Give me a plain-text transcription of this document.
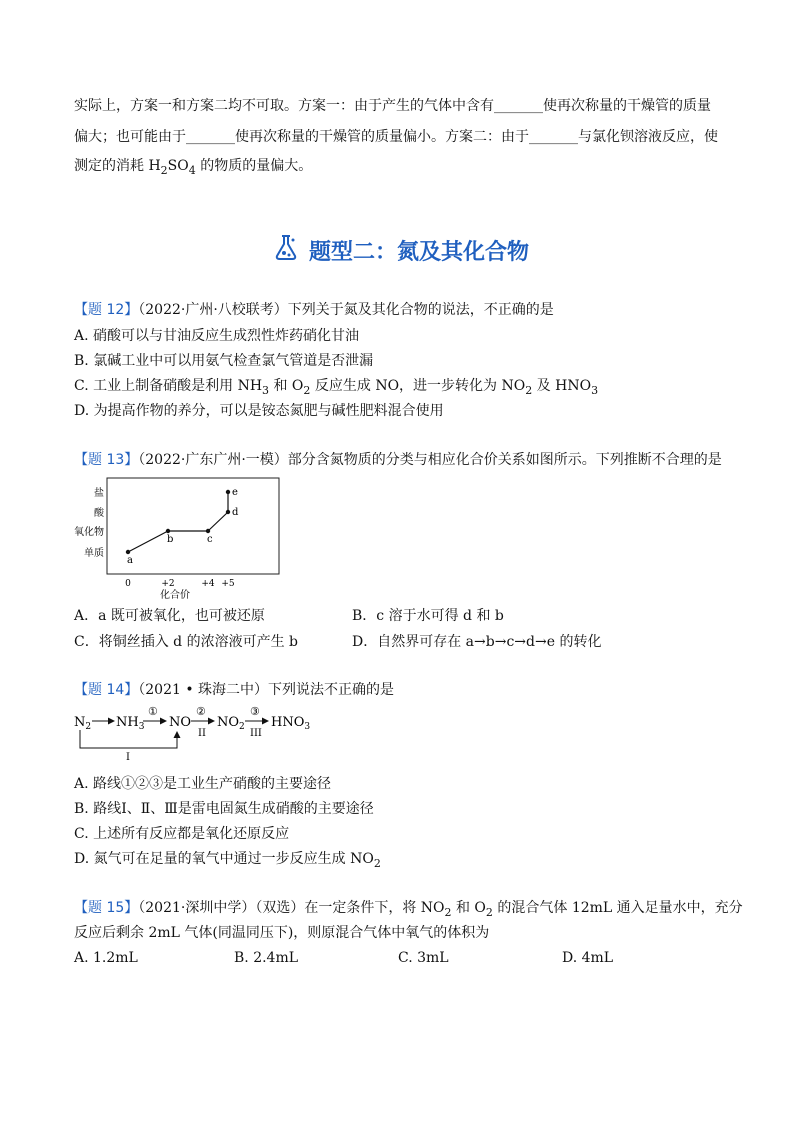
实际上，方案一和方案二均不可取。方案一：由于产生的气体中含有_______使再次称量的干燥管的质量
偏大；也可能由于_______使再次称量的干燥管的质量偏小。方案二：由于_______与氯化钡溶液反应，使
测定的消耗 $H_2SO_4$ 的物质的量偏大。
题型二：氮及其化合物
【题 12】（2022·广州·八校联考）下列关于氮及其化合物的说法，不正确的是
A. 硝酸可以与甘油反应生成烈性炸药硝化甘油
B. 氯碱工业中可以用氨气检查氯气管道是否泄漏
C. 工业上制备硝酸是利用 $NH_3$ 和 $O_2$ 反应生成 NO，进一步转化为 $NO_2$ 及 $HNO_3$
D. 为提高作物的养分，可以是铵态氮肥与碱性肥料混合使用
【题 13】（2022·广东广州·一模）部分含氮物质的分类与相应化合价关系如图所示。下列推断不合理的是
单质
氧化物
酸
盐
0	+2	+4 +5
a
b	c
d
e
化合价
A．a 既可被氧化，也可被还原	B．c 溶于水可得 d 和 b
C．将铜丝插入 d 的浓溶液可产生 b	D．自然界可存在 a→b→c→d→e 的转化
【题 14】（2021 • 珠海二中）下列说法不正确的是
$N_2$ $NH_3$
①
NO
②
II
$NO_2$
③
III
$HNO_3$
I
A. 路线①②③是工业生产硝酸的主要途径
B. 路线Ⅰ、Ⅱ、Ⅲ是雷电固氮生成硝酸的主要途径
C. 上述所有反应都是氧化还原反应
D. 氮气可在足量的氧气中通过一步反应生成 $NO_2$
【题 15】（2021·深圳中学）（双选）在一定条件下，将 $NO_2$ 和 $O_2$ 的混合气体 12mL 通入足量水中，充分
反应后剩余 2mL 气体(同温同压下)，则原混合气体中氧气的体积为
A. 1.2mL	B. 2.4mL	C. 3mL	D. 4mL
